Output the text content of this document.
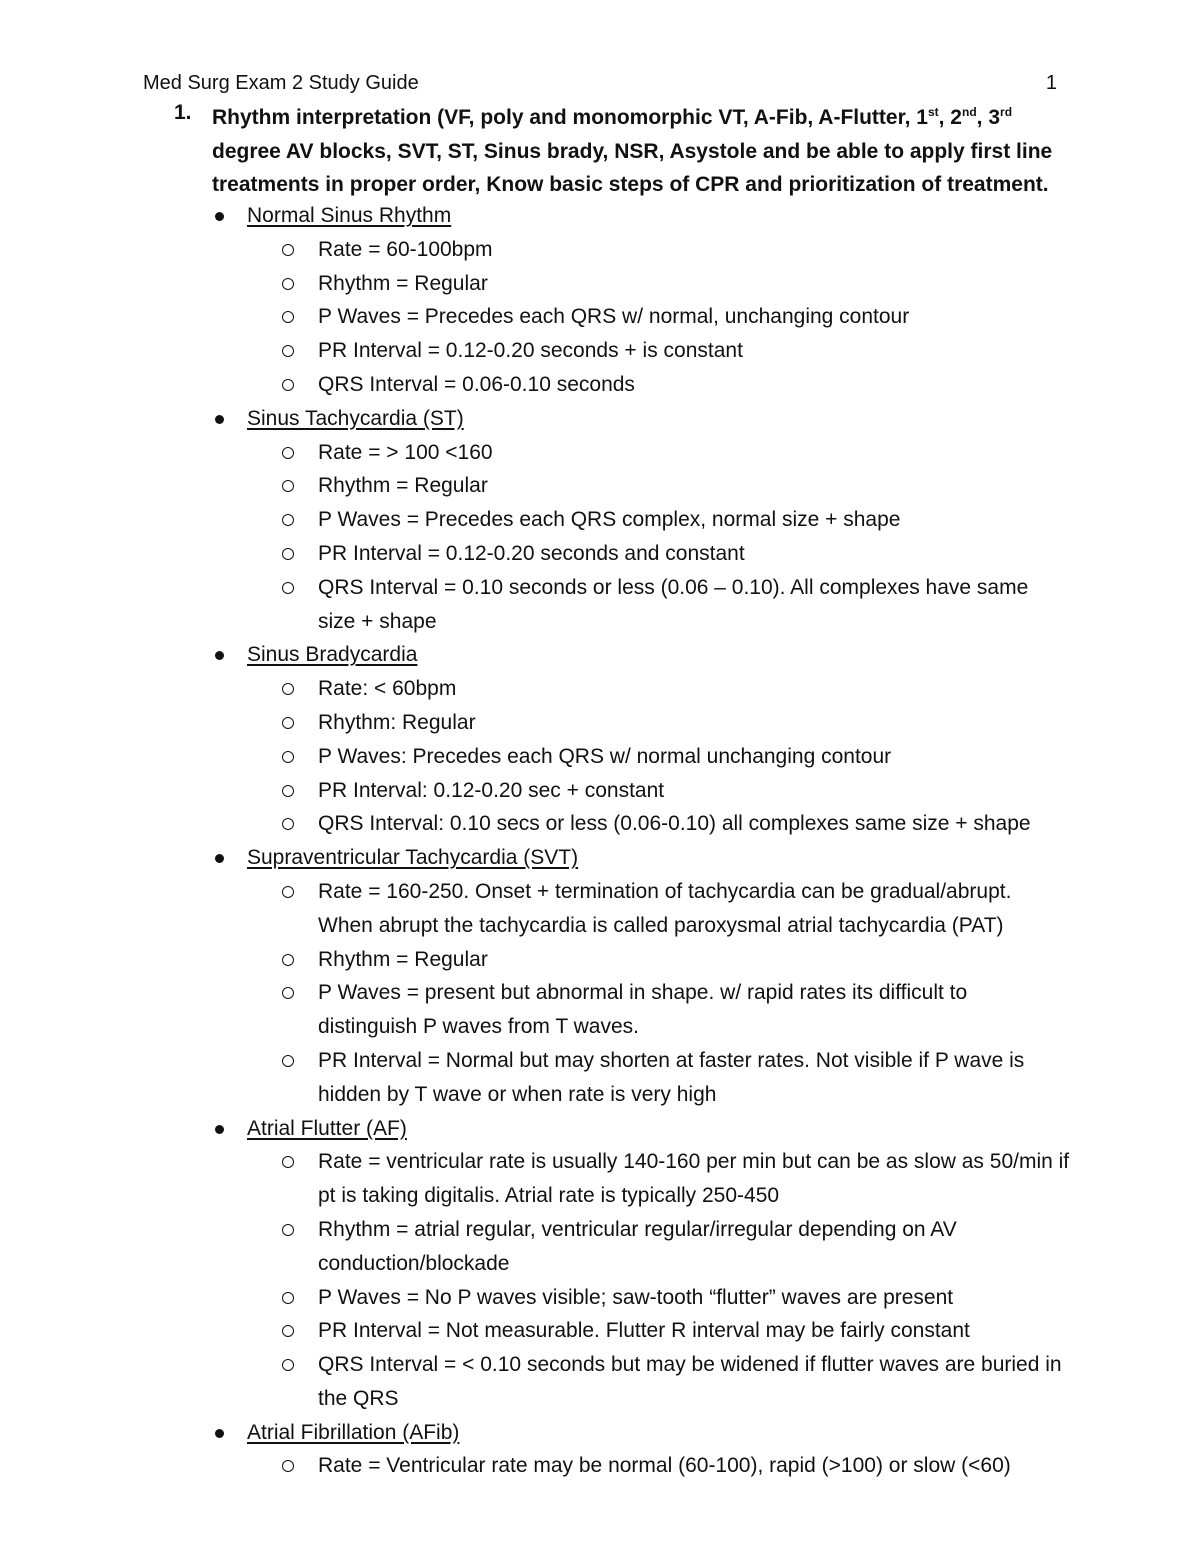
Med Surg Exam 2 Study Guide	1
1. Rhythm interpretation (VF, poly and monomorphic VT, A-Fib, A-Flutter, 1st, 2nd, 3rd degree AV blocks, SVT, ST, Sinus brady, NSR, Asystole and be able to apply first line treatments in proper order, Know basic steps of CPR and prioritization of treatment.
Normal Sinus Rhythm
Rate = 60-100bpm
Rhythm = Regular
P Waves = Precedes each QRS w/ normal, unchanging contour
PR Interval = 0.12-0.20 seconds + is constant
QRS Interval = 0.06-0.10 seconds
Sinus Tachycardia (ST)
Rate = > 100 <160
Rhythm = Regular
P Waves = Precedes each QRS complex, normal size + shape
PR Interval = 0.12-0.20 seconds and constant
QRS Interval = 0.10 seconds or less (0.06 – 0.10). All complexes have same size + shape
Sinus Bradycardia
Rate: < 60bpm
Rhythm: Regular
P Waves: Precedes each QRS w/ normal unchanging contour
PR Interval: 0.12-0.20 sec + constant
QRS Interval: 0.10 secs or less (0.06-0.10) all complexes same size + shape
Supraventricular Tachycardia (SVT)
Rate = 160-250. Onset + termination of tachycardia can be gradual/abrupt. When abrupt the tachycardia is called paroxysmal atrial tachycardia (PAT)
Rhythm = Regular
P Waves = present but abnormal in shape. w/ rapid rates its difficult to distinguish P waves from T waves.
PR Interval = Normal but may shorten at faster rates. Not visible if P wave is hidden by T wave or when rate is very high
Atrial Flutter (AF)
Rate = ventricular rate is usually 140-160 per min but can be as slow as 50/min if pt is taking digitalis. Atrial rate is typically 250-450
Rhythm = atrial regular, ventricular regular/irregular depending on AV conduction/blockade
P Waves = No P waves visible; saw-tooth “flutter” waves are present
PR Interval = Not measurable. Flutter R interval may be fairly constant
QRS Interval = < 0.10 seconds but may be widened if flutter waves are buried in the QRS
Atrial Fibrillation (AFib)
Rate = Ventricular rate may be normal (60-100), rapid (>100) or slow (<60)
